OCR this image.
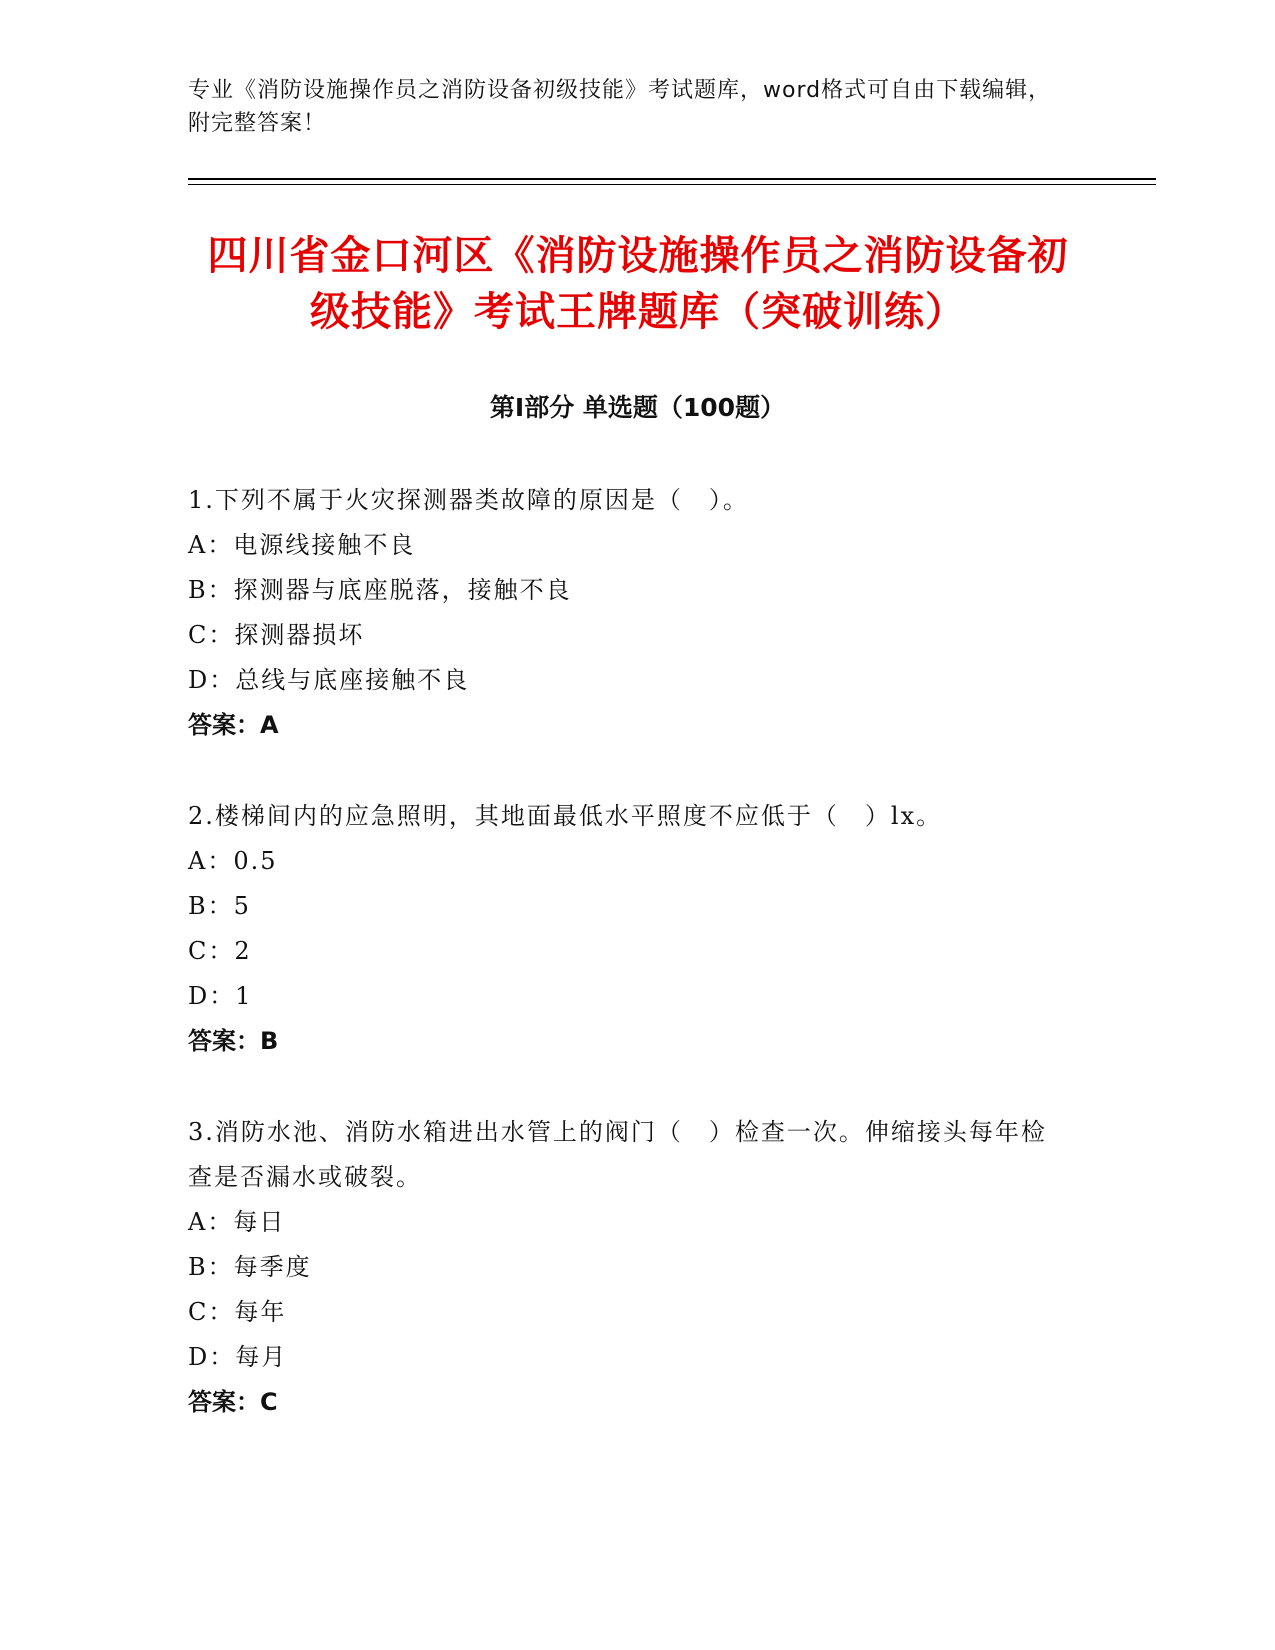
专业《消防设施操作员之消防设备初级技能》考试题库，word格式可自由下载编辑，附完整答案！
四川省金口河区《消防设施操作员之消防设备初级技能》考试王牌题库（突破训练）
第Ⅰ部分 单选题（100题）
1.下列不属于火灾探测器类故障的原因是（　）。
A：电源线接触不良
B：探测器与底座脱落，接触不良
C：探测器损坏
D：总线与底座接触不良
答案：A
2.楼梯间内的应急照明，其地面最低水平照度不应低于（　）lx。
A：0.5
B：5
C：2
D：1
答案：B
3.消防水池、消防水箱进出水管上的阀门（　）检查一次。伸缩接头每年检查是否漏水或破裂。
A：每日
B：每季度
C：每年
D：每月
答案：C
